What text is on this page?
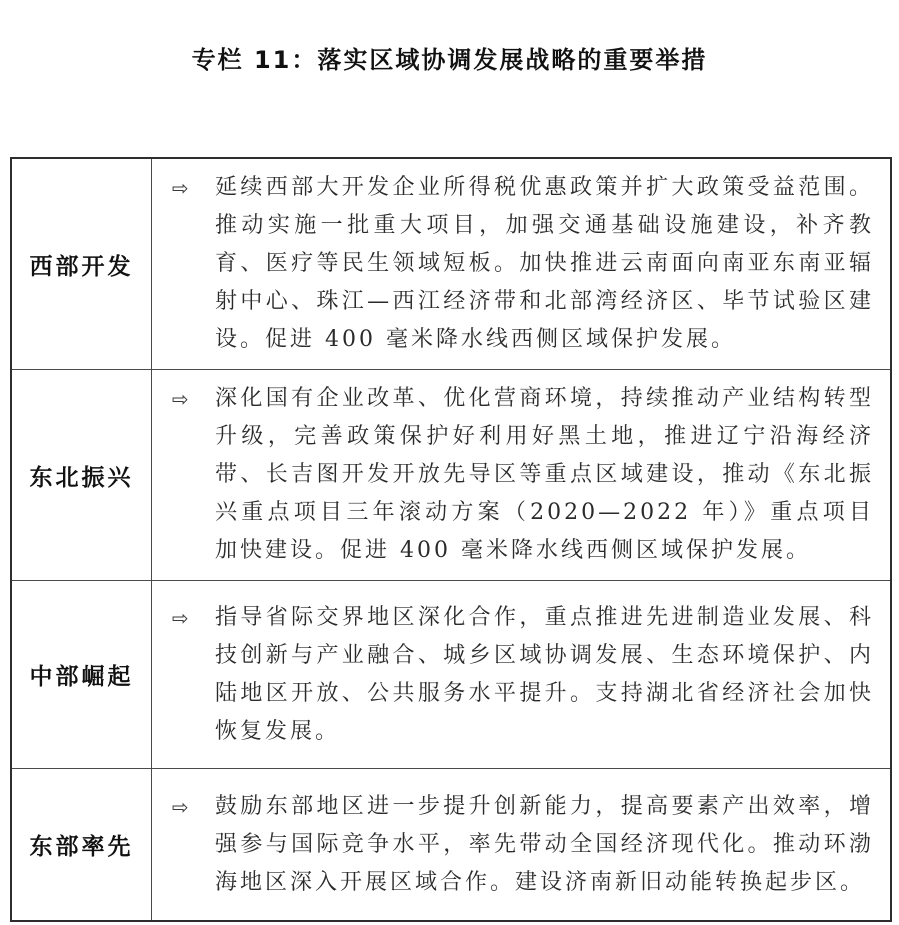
专栏 11：落实区域协调发展战略的重要举措
西部开发
⇨	延续西部大开发企业所得税优惠政策并扩大政策受益范围。推动实施一批重大项目，加强交通基础设施建设，补齐教育、医疗等民生领域短板。加快推进云南面向南亚东南亚辐射中心、珠江—西江经济带和北部湾经济区、毕节试验区建设。促进 400 毫米降水线西侧区域保护发展。
东北振兴
⇨	深化国有企业改革、优化营商环境，持续推动产业结构转型升级，完善政策保护好利用好黑土地，推进辽宁沿海经济带、长吉图开发开放先导区等重点区域建设，推动《东北振兴重点项目三年滚动方案（2020—2022 年）》重点项目加快建设。促进 400 毫米降水线西侧区域保护发展。
中部崛起
⇨	指导省际交界地区深化合作，重点推进先进制造业发展、科技创新与产业融合、城乡区域协调发展、生态环境保护、内陆地区开放、公共服务水平提升。支持湖北省经济社会加快恢复发展。
东部率先
⇨	鼓励东部地区进一步提升创新能力，提高要素产出效率，增强参与国际竞争水平，率先带动全国经济现代化。推动环渤海地区深入开展区域合作。建设济南新旧动能转换起步区。
